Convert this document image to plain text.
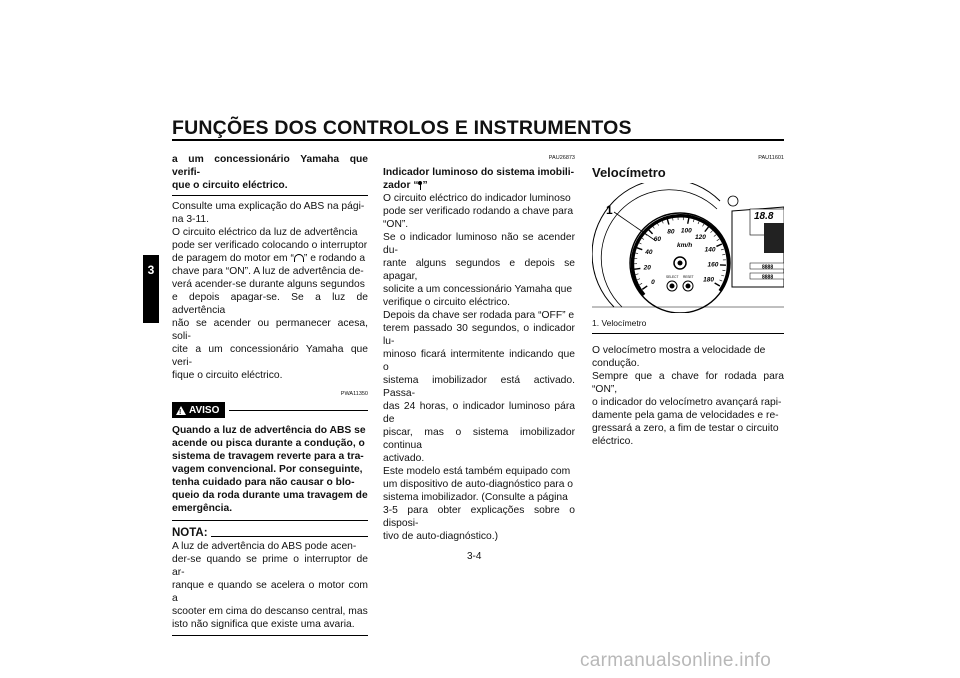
FUNÇÕES DOS CONTROLOS E INSTRUMENTOS
3

a um concessionário Yamaha que verifi-

que o circuito eléctrico.

Consulte uma explicação do ABS na pági-

na 3-11.

O circuito eléctrico da luz de advertência

pode ser verificado colocando o interruptor

de paragem do motor em “ ” e rodando a

chave para “ON”. A luz de advertência de-

verá acender-se durante alguns segundos

e depois apagar-se. Se a luz de advertência

não se acender ou permanecer acesa, soli-

cite a um concessionário Yamaha que veri-

fique o circuito eléctrico.

PWA11350
!
AVISO

Quando a luz de advertência do ABS se

acende ou pisca durante a condução, o

sistema de travagem reverte para a tra-

vagem convencional. Por conseguinte,

tenha cuidado para não causar o blo-

queio da roda durante uma travagem de

emergência.

NOTA:

A luz de advertência do ABS pode acen-

der-se quando se prime o interruptor de ar-

ranque e quando se acelera o motor com a

scooter em cima do descanso central, mas

isto não significa que existe uma avaria.

PAU26873

Indicador luminoso do sistema imobili-

zador “ ”

O circuito eléctrico do indicador luminoso

pode ser verificado rodando a chave para

“ON”.

Se o indicador luminoso não se acender du-

rante alguns segundos e depois se apagar,

solicite a um concessionário Yamaha que

verifique o circuito eléctrico.

Depois da chave ser rodada para “OFF” e

terem passado 30 segundos, o indicador lu-

minoso ficará intermitente indicando que o

sistema imobilizador está activado. Passa-

das 24 horas, o indicador luminoso pára de

piscar, mas o sistema imobilizador continua

activado.

Este modelo está também equipado com

um dispositivo de auto-diagnóstico para o

sistema imobilizador. (Consulte a página

3-5 para obter explicações sobre o disposi-

tivo de auto-diagnóstico.)

PAU11601
Velocímetro
0
20
40
60
80 100
120
140
160
180
km/h
SELECT RESET
18.8
8888
8888
1
1. Velocímetro

O velocímetro mostra a velocidade de

condução.

Sempre que a chave for rodada para “ON”,

o indicador do velocímetro avançará rapi-

damente pela gama de velocidades e re-

gressará a zero, a fim de testar o circuito

eléctrico.

3-4
carmanualsonline.info
